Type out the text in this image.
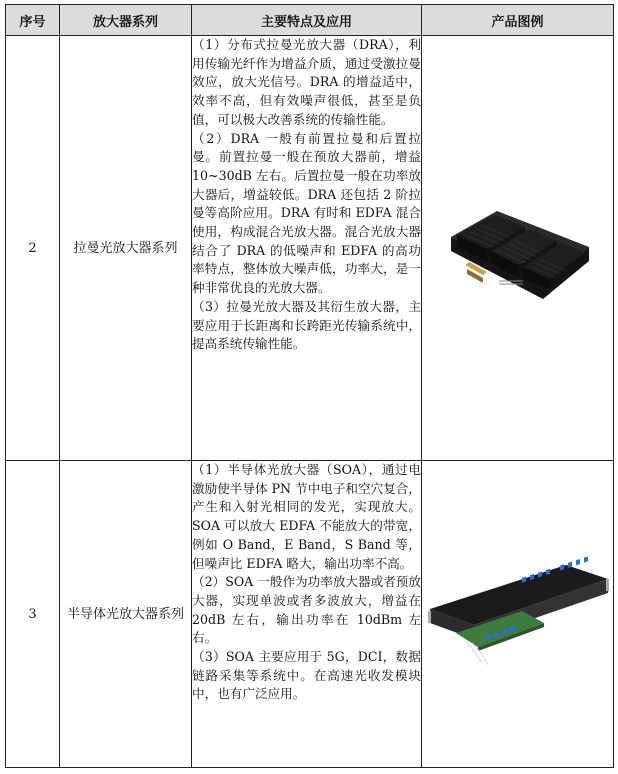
序号	放大器系列	主要特点及应用	产品图例
2	拉曼光放大器系列	（1）分布式拉曼光放大器（DRA），利用传输光纤作为增益介质，通过受激拉曼效应，放大光信号。DRA 的增益适中，效率不高，但有效噪声很低，甚至是负值，可以极大改善系统的传输性能。

（2）DRA 一般有前置拉曼和后置拉曼。前置拉曼一般在预放大器前，增益 10~30dB 左右。后置拉曼一般在功率放大器后，增益较低。DRA 还包括 2 阶拉曼等高阶应用。DRA 有时和 EDFA 混合使用，构成混合光放大器。混合光放大器结合了 DRA 的低噪声和 EDFA 的高功率特点，整体放大噪声低，功率大，是一种非常优良的光放大器。

（3）拉曼光放大器及其衍生放大器，主要应用于长距离和长跨距光传输系统中，提高系统传输性能。

3	半导体光放大器系列	（1）半导体光放大器（SOA），通过电激励使半导体 PN 节中电子和空穴复合，产生和入射光相同的发光，实现放大。SOA 可以放大 EDFA 不能放大的带宽，例如 O Band，E Band，S Band 等，但噪声比 EDFA 略大，输出功率不高。

（2）SOA 一般作为功率放大器或者预放大器，实现单波或者多波放大，增益在 20dB 左右，输出功率在 10dBm 左右。

（3）SOA 主要应用于 5G，DCI，数据链路采集等系统中。在高速光收发模块中，也有广泛应用。
